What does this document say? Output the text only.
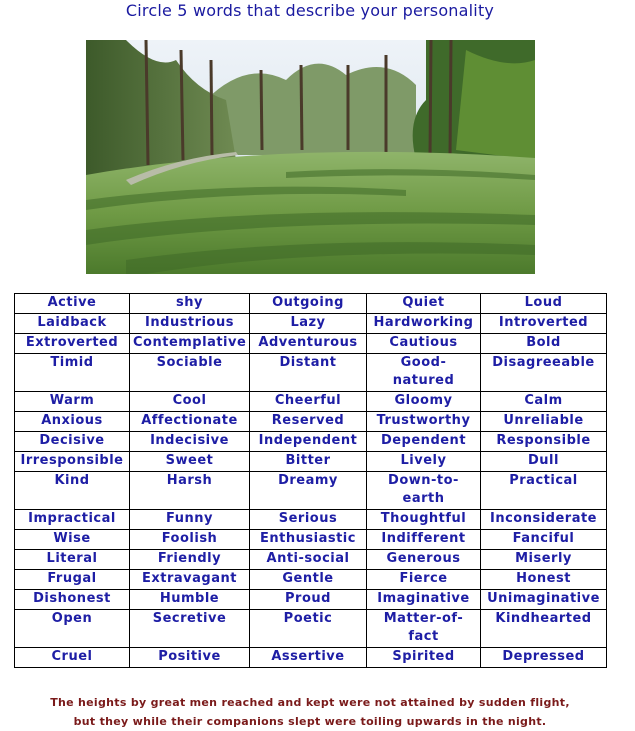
Circle 5 words that describe your personality
Active	shy	Outgoing	Quiet	Loud
Laidback	Industrious	Lazy	Hardworking	Introverted
Extroverted	Contemplative	Adventurous	Cautious	Bold
Timid	Sociable	Distant	Good-natured	Disagreeable
Warm	Cool	Cheerful	Gloomy	Calm
Anxious	Affectionate	Reserved	Trustworthy	Unreliable
Decisive	Indecisive	Independent	Dependent	Responsible
Irresponsible	Sweet	Bitter	Lively	Dull
Kind	Harsh	Dreamy	Down-to-earth	Practical
Impractical	Funny	Serious	Thoughtful	Inconsiderate
Wise	Foolish	Enthusiastic	Indifferent	Fanciful
Literal	Friendly	Anti-social	Generous	Miserly
Frugal	Extravagant	Gentle	Fierce	Honest
Dishonest	Humble	Proud	Imaginative	Unimaginative
Open	Secretive	Poetic	Matter-of-fact	Kindhearted
Cruel	Positive	Assertive	Spirited	Depressed
The heights by great men reached and kept were not attained by sudden flight,
but they while their companions slept were toiling upwards in the night.
